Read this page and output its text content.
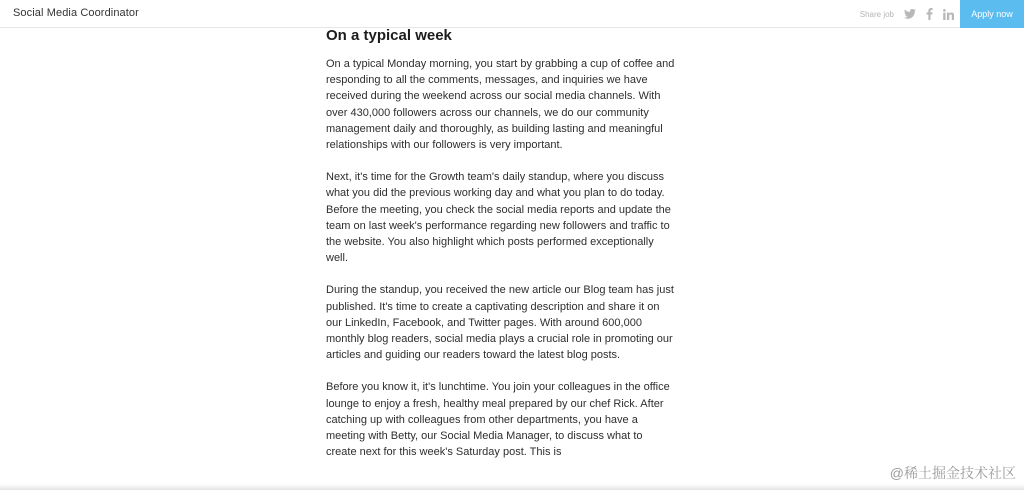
Social Media Coordinator	Share job	Apply now
On a typical week

On a typical Monday morning, you start by grabbing a cup of coffee and responding to all the comments, messages, and inquiries we have received during the weekend across our social media channels. With over 430,000 followers across our channels, we do our community management daily and thoroughly, as building lasting and meaningful relationships with our followers is very important.

Next, it's time for the Growth team's daily standup, where you discuss what you did the previous working day and what you plan to do today. Before the meeting, you check the social media reports and update the team on last week's performance regarding new followers and traffic to the website. You also highlight which posts performed exceptionally well.

During the standup, you received the new article our Blog team has just published. It's time to create a captivating description and share it on our LinkedIn, Facebook, and Twitter pages. With around 600,000 monthly blog readers, social media plays a crucial role in promoting our articles and guiding our readers toward the latest blog posts.

Before you know it, it's lunchtime. You join your colleagues in the office lounge to enjoy a fresh, healthy meal prepared by our chef Rick. After catching up with colleagues from other departments, you have a meeting with Betty, our Social Media Manager, to discuss what to create next for this week's Saturday post. This is

@稀土掘金技术社区
